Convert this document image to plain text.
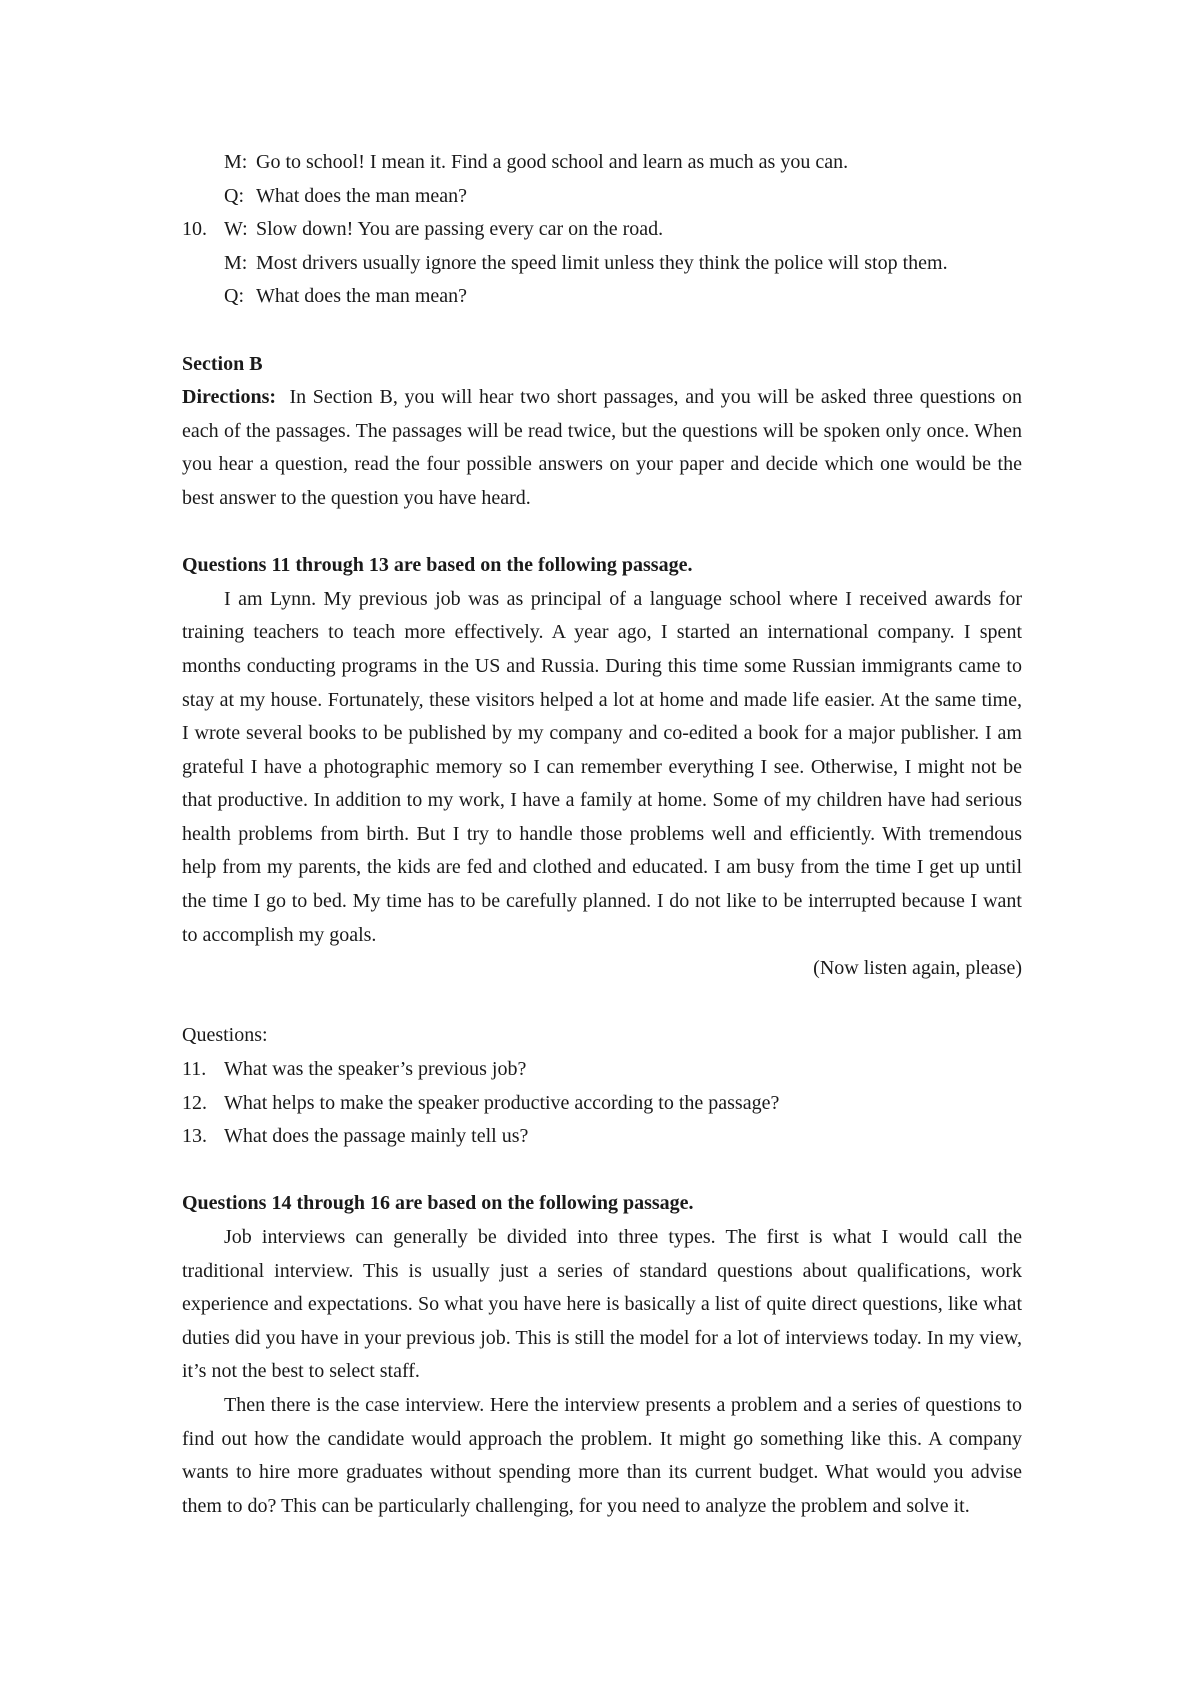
M: Go to school! I mean it. Find a good school and learn as much as you can.
Q: What does the man mean?
10. W: Slow down! You are passing every car on the road.
M: Most drivers usually ignore the speed limit unless they think the police will stop them.
Q: What does the man mean?
Section B

Directions: In Section B, you will hear two short passages, and you will be asked three questions on each of the passages. The passages will be read twice, but the questions will be spoken only once. When you hear a question, read the four possible answers on your paper and decide which one would be the best answer to the question you have heard.

Questions 11 through 13 are based on the following passage.

I am Lynn. My previous job was as principal of a language school where I received awards for training teachers to teach more effectively. A year ago, I started an international company. I spent months conducting programs in the US and Russia. During this time some Russian immigrants came to stay at my house. Fortunately, these visitors helped a lot at home and made life easier. At the same time, I wrote several books to be published by my company and co-edited a book for a major publisher. I am grateful I have a photographic memory so I can remember everything I see. Otherwise, I might not be that productive. In addition to my work, I have a family at home. Some of my children have had serious health problems from birth. But I try to handle those problems well and efficiently. With tremendous help from my parents, the kids are fed and clothed and educated. I am busy from the time I get up until the time I go to bed. My time has to be carefully planned. I do not like to be interrupted because I want to accomplish my goals.

(Now listen again, please)
Questions:
11. What was the speaker’s previous job?
12. What helps to make the speaker productive according to the passage?
13. What does the passage mainly tell us?
Questions 14 through 16 are based on the following passage.

Job interviews can generally be divided into three types. The first is what I would call the traditional interview. This is usually just a series of standard questions about qualifications, work experience and expectations. So what you have here is basically a list of quite direct questions, like what duties did you have in your previous job. This is still the model for a lot of interviews today. In my view, it’s not the best to select staff.

Then there is the case interview. Here the interview presents a problem and a series of questions to find out how the candidate would approach the problem. It might go something like this. A company wants to hire more graduates without spending more than its current budget. What would you advise them to do? This can be particularly challenging, for you need to analyze the problem and solve it.
